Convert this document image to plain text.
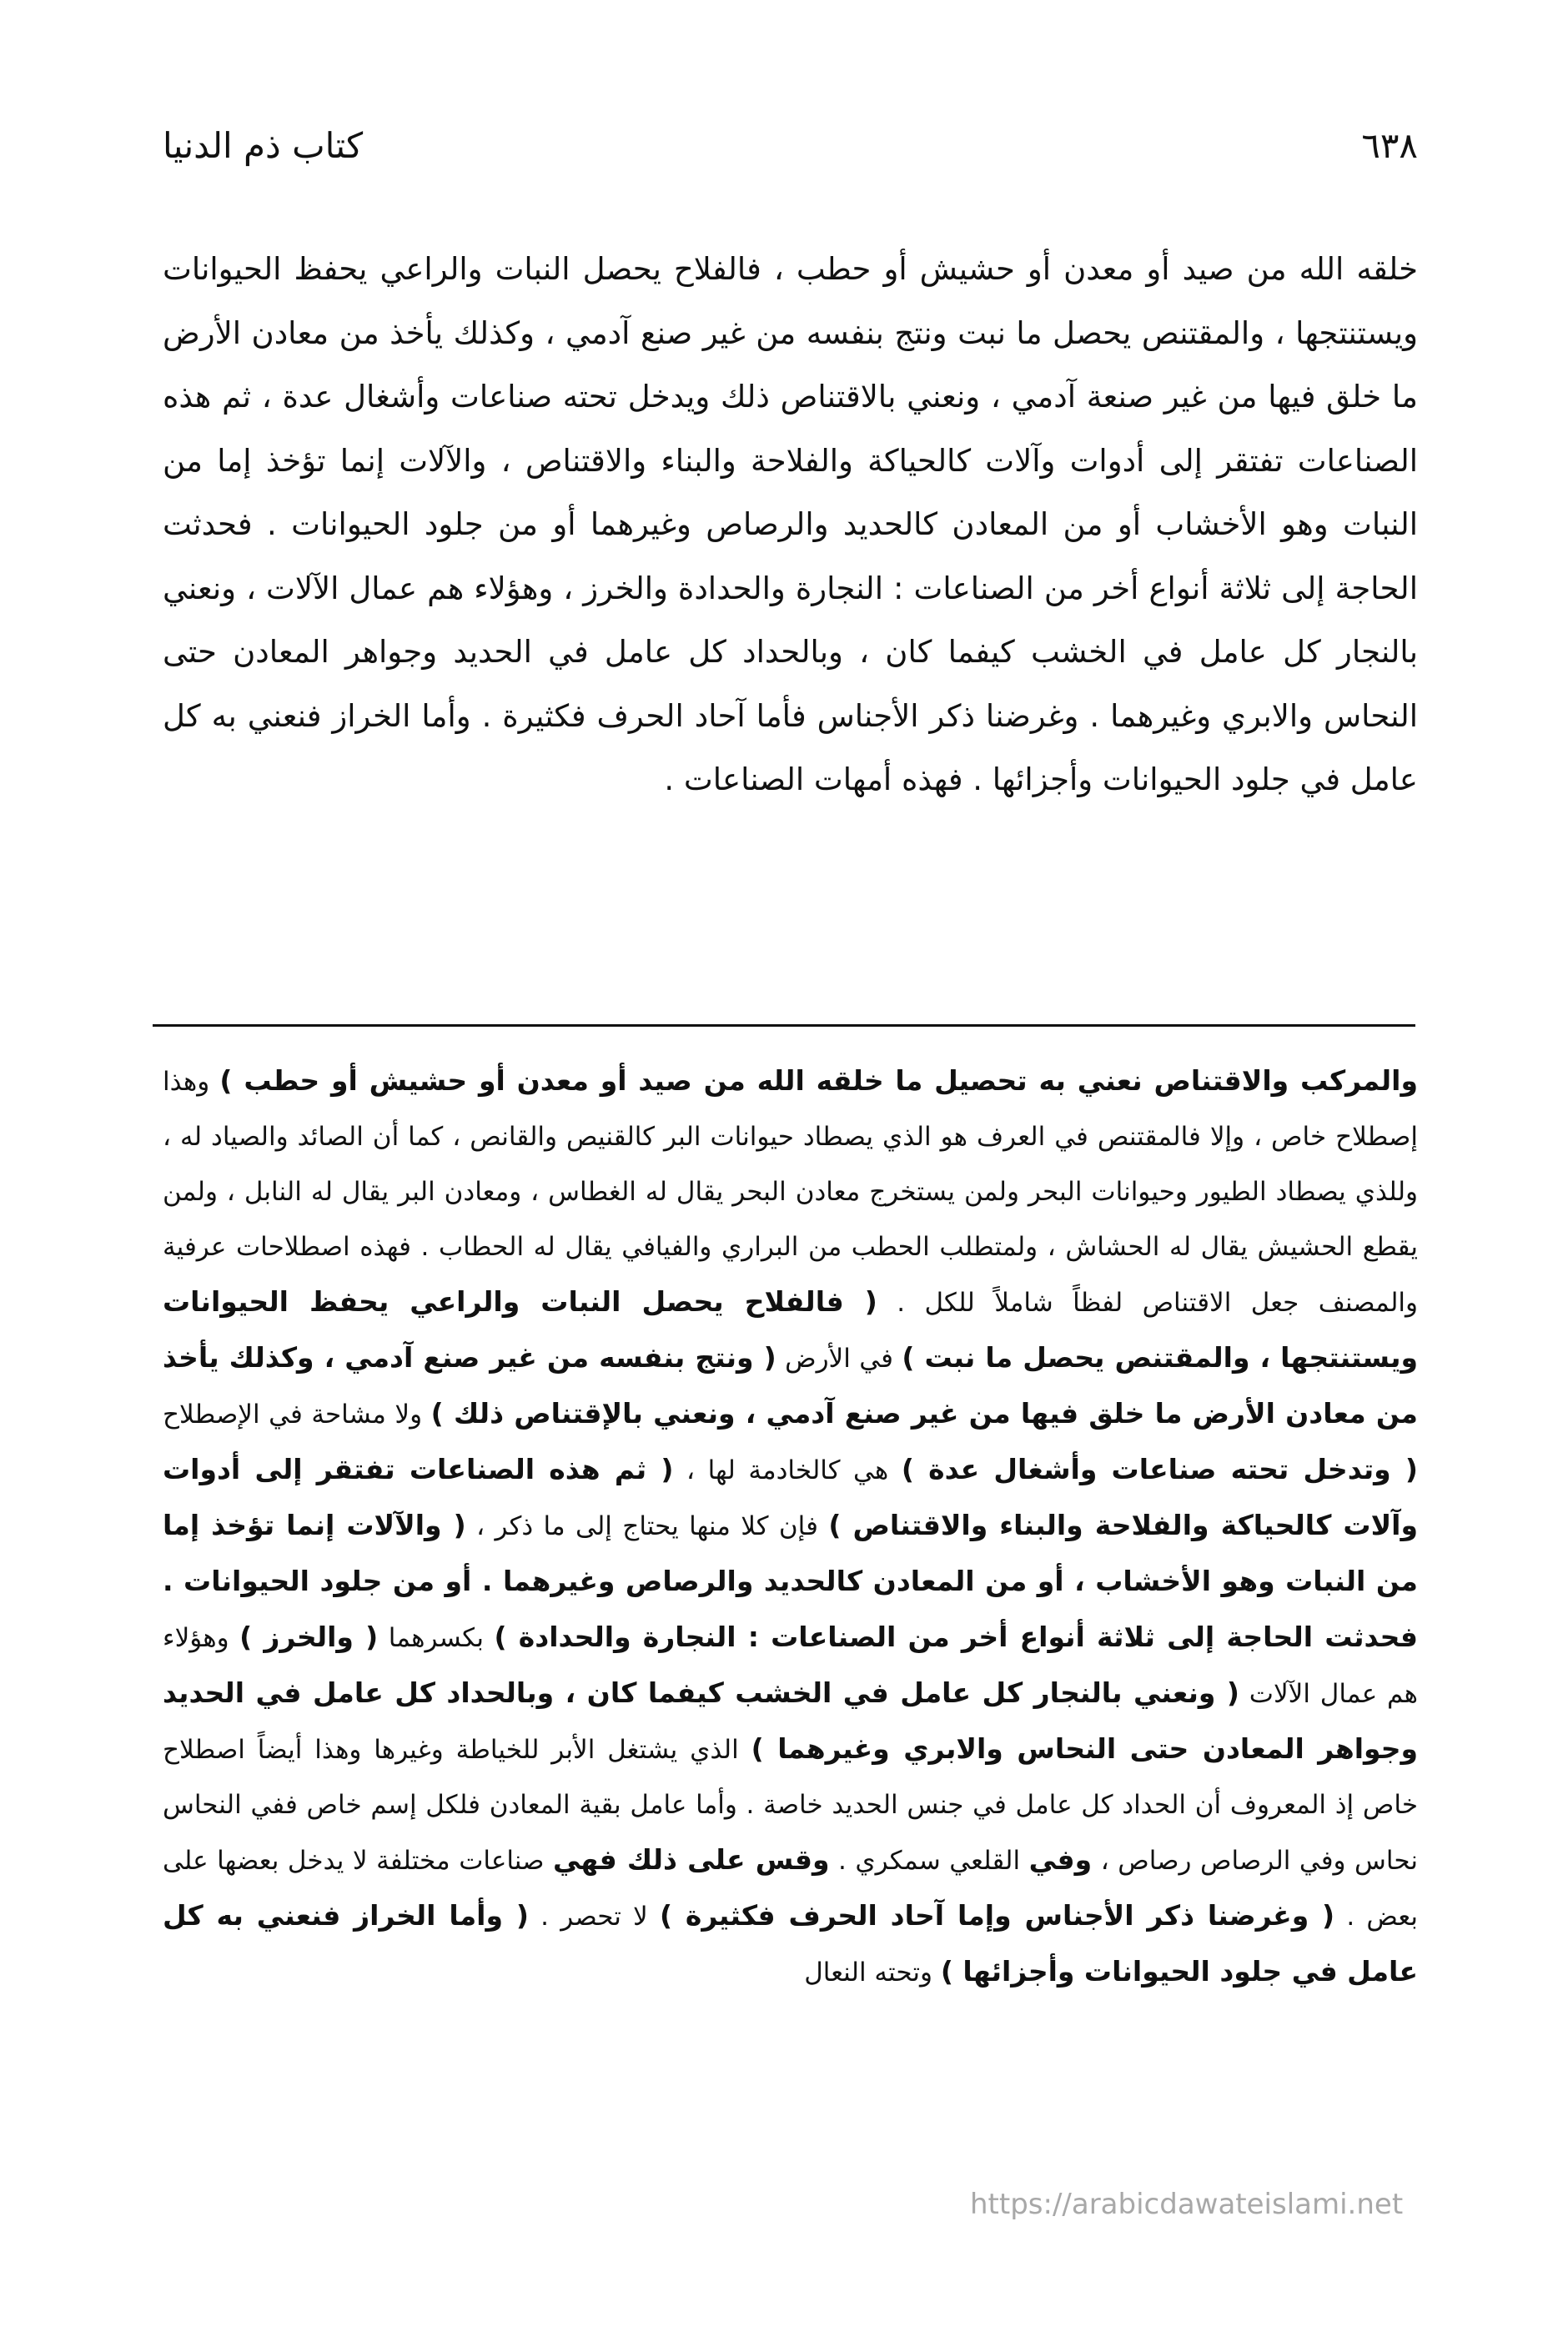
٦٣٨
كتاب ذم الدنيا

خلقه الله من صيد أو معدن أو حشيش أو حطب ، فالفلاح يحصل النبات والراعي يحفظ الحيوانات ويستنتجها ، والمقتنص يحصل ما نبت ونتج بنفسه من غير صنع آدمي ، وكذلك يأخذ من معادن الأرض ما خلق فيها من غير صنعة آدمي ، ونعني بالاقتناص ذلك ويدخل تحته صناعات وأشغال عدة ، ثم هذه الصناعات تفتقر إلى أدوات وآلات كالحياكة والفلاحة والبناء والاقتناص ، والآلات إنما تؤخذ إما من النبات وهو الأخشاب أو من المعادن كالحديد والرصاص وغيرهما أو من جلود الحيوانات . فحدثت الحاجة إلى ثلاثة أنواع أخر من الصناعات : النجارة والحدادة والخرز ، وهؤلاء هم عمال الآلات ، ونعني بالنجار كل عامل في الخشب كيفما كان ، وبالحداد كل عامل في الحديد وجواهر المعادن حتى النحاس والابري وغيرهما . وغرضنا ذكر الأجناس فأما آحاد الحرف فكثيرة . وأما الخراز فنعني به كل عامل في جلود الحيوانات وأجزائها . فهذه أمهات الصناعات .

والمركب والاقتناص نعني به تحصيل ما خلقه الله من صيد أو معدن أو حشيش أو حطب ) وهذا إصطلاح خاص ، وإلا فالمقتنص في العرف هو الذي يصطاد حيوانات البر كالقنيص والقانص ، كما أن الصائد والصياد له ، وللذي يصطاد الطيور وحيوانات البحر ولمن يستخرج معادن البحر يقال له الغطاس ، ومعادن البر يقال له النابل ، ولمن يقطع الحشيش يقال له الحشاش ، ولمتطلب الحطب من البراري والفيافي يقال له الحطاب . فهذه اصطلاحات عرفية والمصنف جعل الاقتناص لفظاً شاملاً للكل . ( فالفلاح يحصل النبات والراعي يحفظ الحيوانات ويستنتجها ، والمقتنص يحصل ما نبت ) في الأرض ( ونتج بنفسه من غير صنع آدمي ، وكذلك يأخذ من معادن الأرض ما خلق فيها من غير صنع آدمي ، ونعني بالإقتناص ذلك ) ولا مشاحة في الإصطلاح ( وتدخل تحته صناعات وأشغال عدة ) هي كالخادمة لها ، ( ثم هذه الصناعات تفتقر إلى أدوات وآلات كالحياكة والفلاحة والبناء والاقتناص ) فإن كلا منها يحتاج إلى ما ذكر ، ( والآلات إنما تؤخذ إما من النبات وهو الأخشاب ، أو من المعادن كالحديد والرصاص وغيرهما . أو من جلود الحيوانات . فحدثت الحاجة إلى ثلاثة أنواع أخر من الصناعات : النجارة والحدادة ) بكسرهما ( والخرز ) وهؤلاء هم عمال الآلات ( ونعني بالنجار كل عامل في الخشب كيفما كان ، وبالحداد كل عامل في الحديد وجواهر المعادن حتى النحاس والابري وغيرهما ) الذي يشتغل الأبر للخياطة وغيرها وهذا أيضاً اصطلاح خاص إذ المعروف أن الحداد كل عامل في جنس الحديد خاصة . وأما عامل بقية المعادن فلكل إسم خاص ففي النحاس نحاس وفي الرصاص رصاص ، وفي القلعي سمكري . وقس على ذلك فهي صناعات مختلفة لا يدخل بعضها على بعض . ( وغرضنا ذكر الأجناس وإما آحاد الحرف فكثيرة ) لا تحصر . ( وأما الخراز فنعني به كل عامل في جلود الحيوانات وأجزائها ) وتحته النعال

https://arabicdawateislami.net
